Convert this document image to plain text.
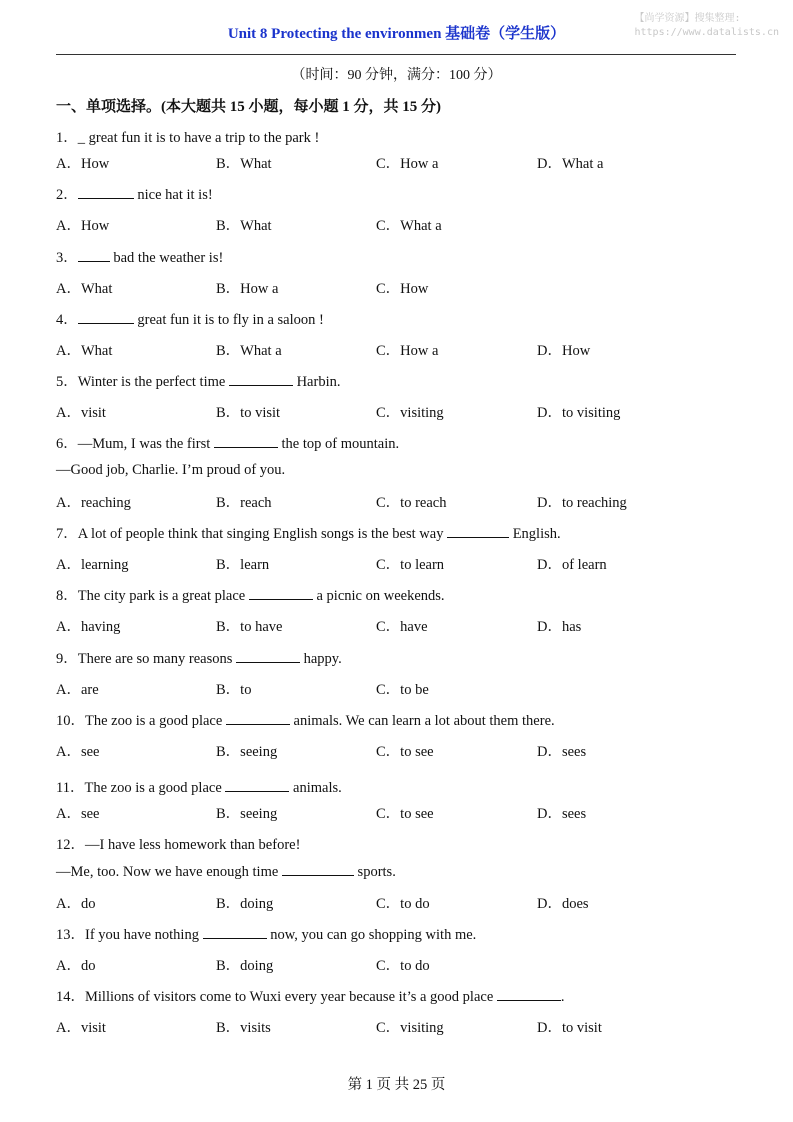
Unit 8 Protecting the environmen 基础卷（学生版）
【尚学资源】搜集整理:
https://www.datalists.cn
（时间：90 分钟，满分：100 分）
一、单项选择。(本大题共 15 小题，每小题 1 分，共 15 分)
1．_ great fun it is to have a trip to the park !
A．How	B．What	C．How a	D．What a
2．	nice hat it is!
A．How	B．What	C．What a
3． bad the weather is!
A．What	B．How a	C．How
4．	great fun it is to fly in a saloon !
A．What	B．What a	C．How a	D．How
5．Winter is the perfect time	Harbin.
A．visit	B．to visit	C．visiting	D．to visiting
6．—Mum, I was the first	the top of mountain.
—Good job, Charlie. I’m proud of you.
A．reaching	B．reach	C．to reach	D．to reaching
7．A lot of people think that singing English songs is the best way	English.
A．learning	B．learn	C．to learn	D．of learn
8．The city park is a great place	a picnic on weekends.
A．having	B．to have	C．have	D．has
9．There are so many reasons	happy.
A．are	B．to	C．to be
10．The zoo is a good place	animals. We can learn a lot about them there.
A．see	B．seeing	C．to see	D．sees
11．The zoo is a good place	animals.
A．see	B．seeing	C．to see	D．sees
12．—I have less homework than before!
—Me, too. Now we have enough time	sports.
A．do	B．doing	C．to do	D．does
13．If you have nothing	now, you can go shopping with me.
A．do	B．doing	C．to do
14．Millions of visitors come to Wuxi every year because it’s a good place	.
A．visit	B．visits	C．visiting	D．to visit
第 1 页 共 25 页
